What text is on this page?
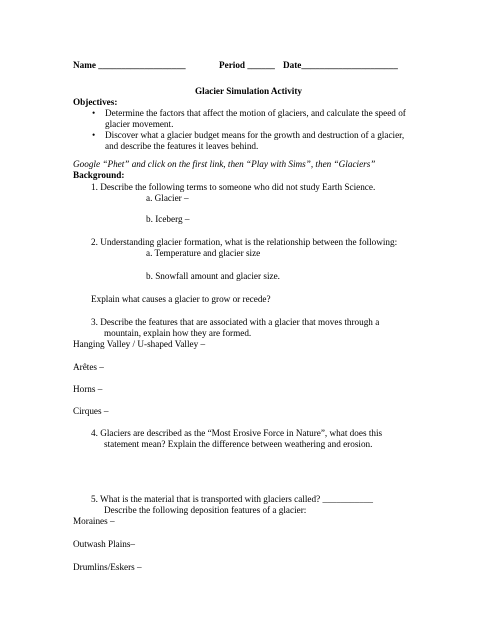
Name ___________________	Period ______ Date_____________________
Glacier Simulation Activity
Objectives:
Determine the factors that affect the motion of glaciers, and calculate the speed of
glacier movement.
Discover what a glacier budget means for the growth and destruction of a glacier,
and describe the features it leaves behind.
Google “Phet” and click on the first link, then “Play with Sims”, then “Glaciers”
Background:
1. Describe the following terms to someone who did not study Earth Science.
a. Glacier –
b. Iceberg –
2. Understanding glacier formation, what is the relationship between the following:
a. Temperature and glacier size
b. Snowfall amount and glacier size.
Explain what causes a glacier to grow or recede?
3. Describe the features that are associated with a glacier that moves through a
mountain, explain how they are formed.
Hanging Valley / U-shaped Valley –
Arêtes –
Horns –
Cirques –
4. Glaciers are described as the “Most Erosive Force in Nature”, what does this
statement mean? Explain the difference between weathering and erosion.
5. What is the material that is transported with glaciers called? ___________
Describe the following deposition features of a glacier:
Moraines –
Outwash Plains–
Drumlins/Eskers –
